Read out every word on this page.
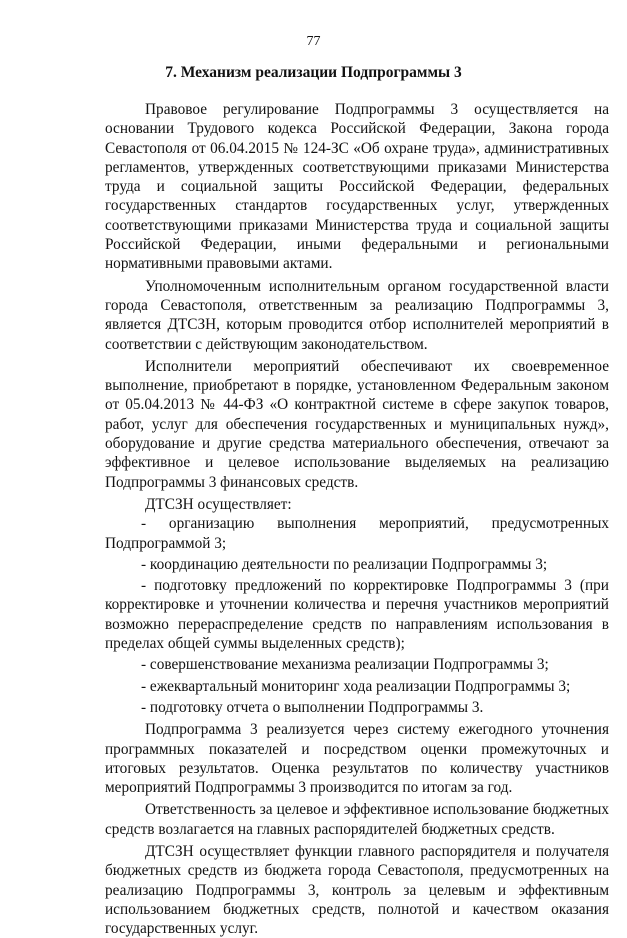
77
7. Механизм реализации Подпрограммы 3

Правовое регулирование Подпрограммы 3 осуществляется на основании Трудового кодекса Российской Федерации, Закона города Севастополя от 06.04.2015 № 124-ЗС «Об охране труда», административных регламентов, утвержденных соответствующими приказами Министерства труда и социальной защиты Российской Федерации, федеральных государственных стандартов государственных услуг, утвержденных соответствующими приказами Министерства труда и социальной защиты Российской Федерации, иными федеральными и региональными нормативными правовыми актами.

Уполномоченным исполнительным органом государственной власти города Севастополя, ответственным за реализацию Подпрограммы 3, является ДТСЗН, которым проводится отбор исполнителей мероприятий в соответствии с действующим законодательством.

Исполнители мероприятий обеспечивают их своевременное выполнение, приобретают в порядке, установленном Федеральным законом от 05.04.2013 № 44-ФЗ «О контрактной системе в сфере закупок товаров, работ, услуг для обеспечения государственных и муниципальных нужд», оборудование и другие средства материального обеспечения, отвечают за эффективное и целевое использование выделяемых на реализацию Подпрограммы 3 финансовых средств.

ДТСЗН осуществляет:

- организацию выполнения мероприятий, предусмотренных Подпрограммой 3;

- координацию деятельности по реализации Подпрограммы 3;

- подготовку предложений по корректировке Подпрограммы 3 (при корректировке и уточнении количества и перечня участников мероприятий возможно перераспределение средств по направлениям использования в пределах общей суммы выделенных средств);

- совершенствование механизма реализации Подпрограммы 3;

- ежеквартальный мониторинг хода реализации Подпрограммы 3;

- подготовку отчета о выполнении Подпрограммы 3.

Подпрограмма 3 реализуется через систему ежегодного уточнения программных показателей и посредством оценки промежуточных и итоговых результатов. Оценка результатов по количеству участников мероприятий Подпрограммы 3 производится по итогам за год.

Ответственность за целевое и эффективное использование бюджетных средств возлагается на главных распорядителей бюджетных средств.

ДТСЗН осуществляет функции главного распорядителя и получателя бюджетных средств из бюджета города Севастополя, предусмотренных на реализацию Подпрограммы 3, контроль за целевым и эффективным использованием бюджетных средств, полнотой и качеством оказания государственных услуг.
